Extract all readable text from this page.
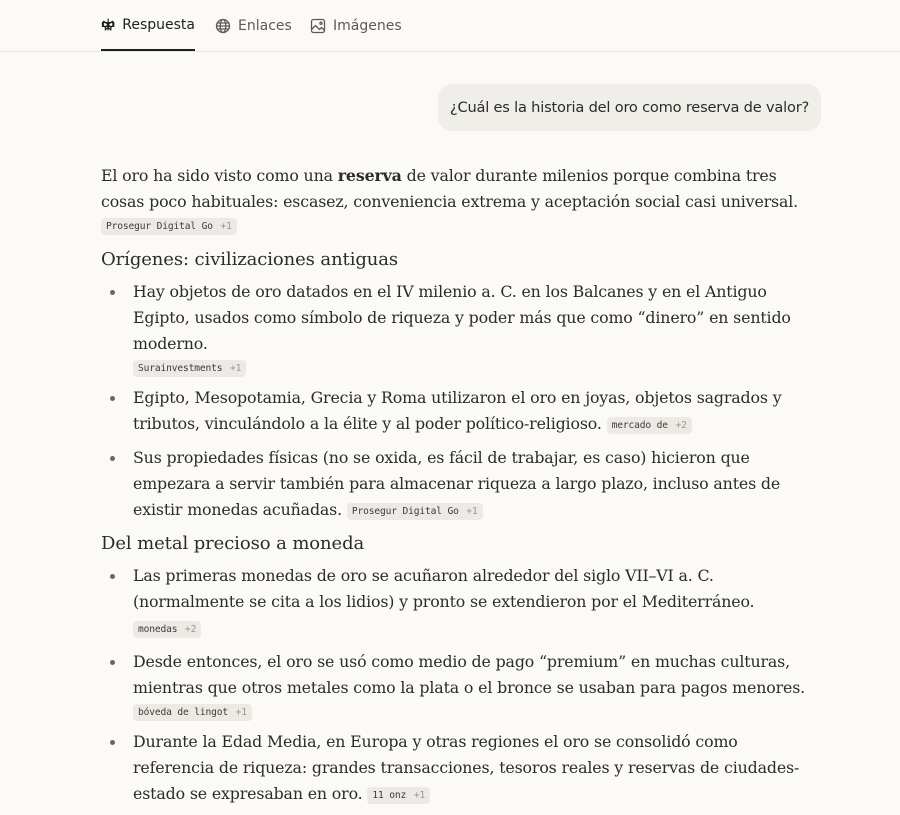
Respuesta	Enlaces	Imágenes
¿Cuál es la historia del oro como reserva de valor?

El oro ha sido visto como una reserva de valor durante milenios porque combina tres cosas poco habituales: escasez, conveniencia extrema y aceptación social casi universal.
Prosegur Digital Go +1

Orígenes: civilizaciones antiguas
Hay objetos de oro datados en el IV milenio a. C. en los Balcanes y en el Antiguo Egipto, usados como símbolo de riqueza y poder más que como “dinero” en sentido moderno.
Surainvestments +1
Egipto, Mesopotamia, Grecia y Roma utilizaron el oro en joyas, objetos sagrados y tributos, vinculándolo a la élite y al poder político-religioso. mercado de +2
Sus propiedades físicas (no se oxida, es fácil de trabajar, es caso) hicieron que empezara a servir también para almacenar riqueza a largo plazo, incluso antes de existir monedas acuñadas. Prosegur Digital Go +1
Del metal precioso a moneda
Las primeras monedas de oro se acuñaron alrededor del siglo VII–VI a. C. (normalmente se cita a los lidios) y pronto se extendieron por el Mediterráneo. monedas +2
Desde entonces, el oro se usó como medio de pago “premium” en muchas culturas, mientras que otros metales como la plata o el bronce se usaban para pagos menores.
bóveda de lingot +1
Durante la Edad Media, en Europa y otras regiones el oro se consolidó como referencia de riqueza: grandes transacciones, tesoros reales y reservas de ciudades-estado se expresaban en oro. 11 onz +1
